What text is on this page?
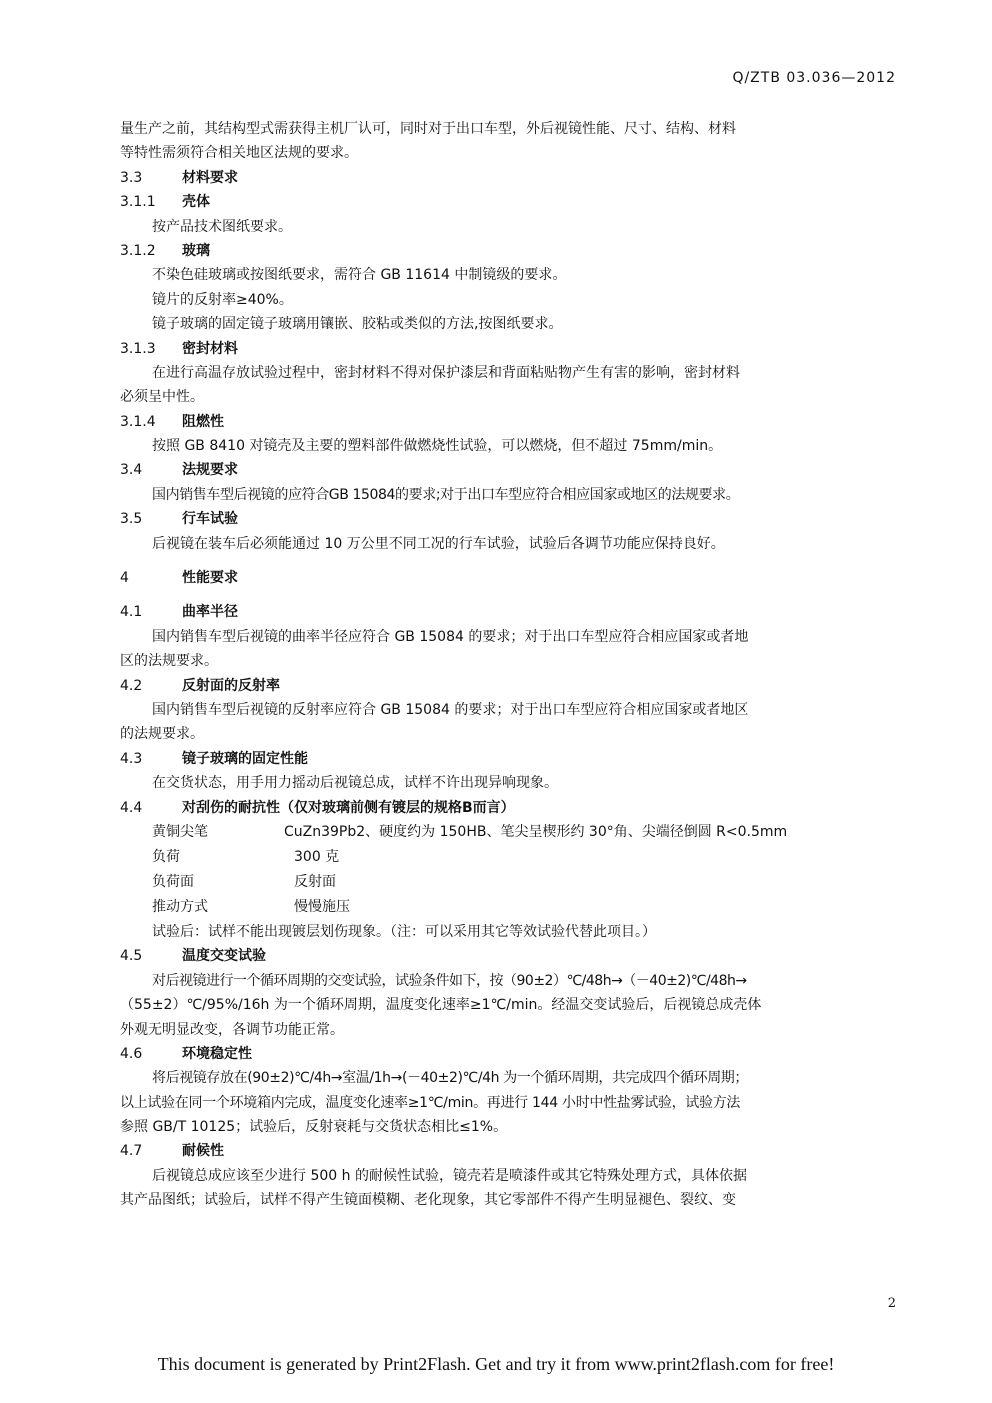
Q/ZTB 03.036—2012
量生产之前，其结构型式需获得主机厂认可，同时对于出口车型，外后视镜性能、尺寸、结构、材料
等特性需须符合相关地区法规的要求。
3.3	材料要求
3.1.1 壳体
按产品技术图纸要求。
3.1.2 玻璃
不染色硅玻璃或按图纸要求，需符合 GB 11614 中制镜级的要求。
镜片的反射率≥40%。
镜子玻璃的固定镜子玻璃用镶嵌、胶粘或类似的方法,按图纸要求。
3.1.3 密封材料
在进行高温存放试验过程中，密封材料不得对保护漆层和背面粘贴物产生有害的影响，密封材料
必须呈中性。
3.1.4 阻燃性
按照 GB 8410 对镜壳及主要的塑料部件做燃烧性试验，可以燃烧，但不超过 75mm/min。
3.4	法规要求
国内销售车型后视镜的应符合GB 15084的要求;对于出口车型应符合相应国家或地区的法规要求。
3.5	行车试验
后视镜在装车后必须能通过 10 万公里不同工况的行车试验，试验后各调节功能应保持良好。
4	性能要求
4.1	曲率半径
国内销售车型后视镜的曲率半径应符合 GB 15084 的要求；对于出口车型应符合相应国家或者地
区的法规要求。
4.2	反射面的反射率
国内销售车型后视镜的反射率应符合 GB 15084 的要求；对于出口车型应符合相应国家或者地区
的法规要求。
4.3	镜子玻璃的固定性能
在交货状态，用手用力摇动后视镜总成，试样不许出现异响现象。
4.4	对刮伤的耐抗性（仅对玻璃前侧有镀层的规格B而言）
黄铜尖笔	CuZn39Pb2、硬度约为 150HB、笔尖呈楔形约 30°角、尖端径倒圆 R<0.5mm
负荷	300 克
负荷面	反射面
推动方式	慢慢施压
试验后：试样不能出现镀层划伤现象。（注：可以采用其它等效试验代替此项目。）
4.5	温度交变试验
对后视镜进行一个循环周期的交变试验，试验条件如下，按（90±2）℃/48h→（－40±2)℃/48h→
（55±2）℃/95%/16h 为一个循环周期，温度变化速率≥1℃/min。经温交变试验后，后视镜总成壳体
外观无明显改变，各调节功能正常。
4.6	环境稳定性
将后视镜存放在(90±2)℃/4h→室温/1h→(－40±2)℃/4h 为一个循环周期，共完成四个循环周期；
以上试验在同一个环境箱内完成，温度变化速率≥1℃/min。再进行 144 小时中性盐雾试验，试验方法
参照 GB/T 10125；试验后，反射衰耗与交货状态相比≤1%。
4.7	耐候性
后视镜总成应该至少进行 500 h 的耐候性试验，镜壳若是喷漆件或其它特殊处理方式，具体依据
其产品图纸；试验后，试样不得产生镜面模糊、老化现象，其它零部件不得产生明显褪色、裂纹、变
2
This document is generated by Print2Flash. Get and try it from www.print2flash.com for free!
